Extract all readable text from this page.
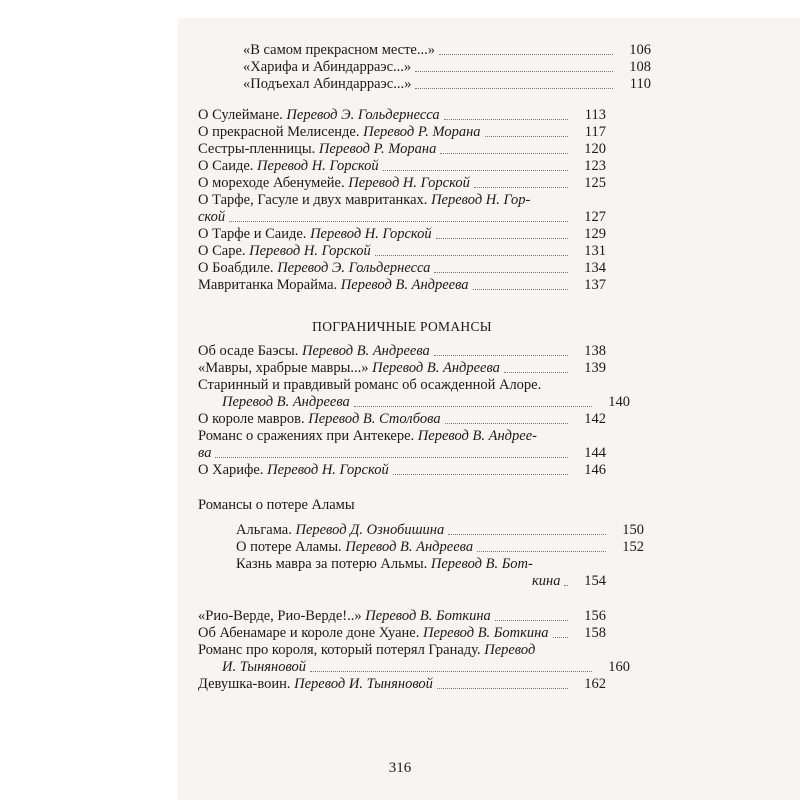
«В самом прекрасном месте...»	106
«Харифа и Абиндарраэс...»	108
«Подъехал Абиндарраэс...»	110
О Сулеймане.
Перевод Э. Гольдернесса	113
О прекрасной Мелисенде.
Перевод Р. Морана	117
Сестры-пленницы.
Перевод Р. Морана	120
О Саиде.
Перевод Н. Горской	123
О мореходе Абенумейе.
Перевод Н. Горской	125
О Тарфе, Гасуле и двух мавританках. Перевод Н. Гор-
ской	127
О Тарфе и Саиде.
Перевод Н. Горской	129
О Саре.
Перевод Н. Горской	131
О Боабдиле.
Перевод Э. Гольдернесса	134
Мавританка Морайма.
Перевод В. Андреева	137
ПОГРАНИЧНЫЕ РОМАНСЫ
Об осаде Баэсы.
Перевод В. Андреева	138
«Мавры, храбрые мавры...»
Перевод В. Андреева	139
Старинный и правдивый романс об осажденной Алоре.
Перевод В. Андреева	140
О короле мавров.
Перевод В. Столбова	142
Романс о сражениях при Антекере. Перевод В. Андрее-
ва	144
О Харифе.
Перевод Н. Горской	146
Романсы о потере Аламы
Альгама.
Перевод Д. Ознобишина	150
О потере Аламы.
Перевод В. Андреева	152
Казнь мавра за потерю Альмы. Перевод В. Бот-
кина	154
«Рио-Верде, Рио-Верде!..»
Перевод В. Боткина	156
Об Абенамаре и короле доне Хуане.
Перевод В. Боткина	158
Романс про короля, который потерял Гранаду. Перевод
И. Тыняновой	160
Девушка-воин.
Перевод И. Тыняновой	162
316
